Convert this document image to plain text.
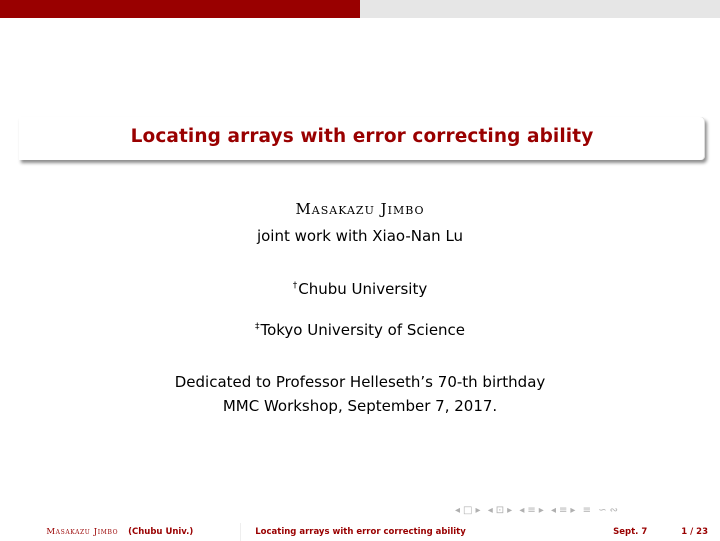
Locating arrays with error correcting ability
Masakazu Jimbo
joint work with Xiao-Nan Lu
†Chubu University
‡Tokyo University of Science
Dedicated to Professor Helleseth’s 70-th birthday
MMC Workshop, September 7, 2017.
◂ □ ▸ ◂ ⊡ ▸ ◂ ≡ ▸ ◂ ≡ ▸ ≡ ∽ ∾
Masakazu Jimbo (Chubu Univ.)	Locating arrays with error correcting ability	Sept. 7	1 / 23
